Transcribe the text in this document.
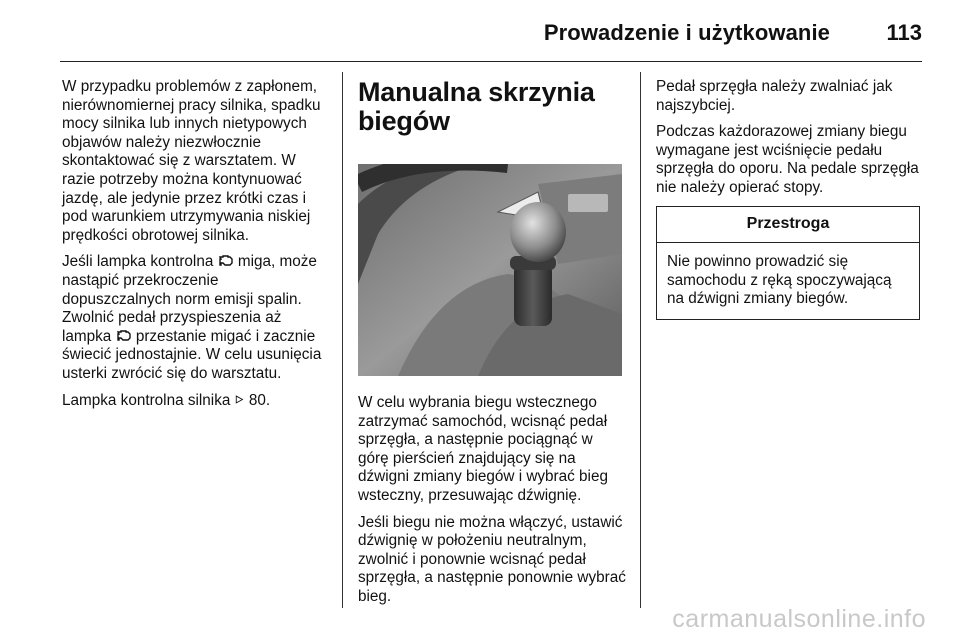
Prowadzenie i użytkowanie	113

W przypadku problemów z zapłonem, nierównomiernej pracy silnika, spadku mocy silnika lub innych nietypowych objawów należy niezwłocznie skontaktować się z warsztatem. W razie potrzeby można kontynuować jazdę, ale jedynie przez krótki czas i pod warunkiem utrzymywania niskiej prędkości obrotowej silnika.

Jeśli lampka kontrolna miga, może nastąpić przekroczenie dopuszczalnych norm emisji spalin. Zwolnić pedał przyspieszenia aż lampka przestanie migać i zacznie świecić jednostajnie. W celu usunięcia usterki zwrócić się do warsztatu.

Lampka kontrolna silnika 80.

Manualna skrzynia biegów

W celu wybrania biegu wstecznego zatrzymać samochód, wcisnąć pedał sprzęgła, a następnie pociągnąć w górę pierścień znajdujący się na dźwigni zmiany biegów i wybrać bieg wsteczny, przesuwając dźwignię.

Jeśli biegu nie można włączyć, ustawić dźwignię w położeniu neutralnym, zwolnić i ponownie wcisnąć pedał sprzęgła, a następnie ponownie wybrać bieg.

Pedał sprzęgła należy zwalniać jak najszybciej.

Podczas każdorazowej zmiany biegu wymagane jest wciśnięcie pedału sprzęgła do oporu. Na pedale sprzęgła nie należy opierać stopy.

Przestroga
Nie powinno prowadzić się samochodu z ręką spoczywającą na dźwigni zmiany biegów.
carmanualsonline.info
